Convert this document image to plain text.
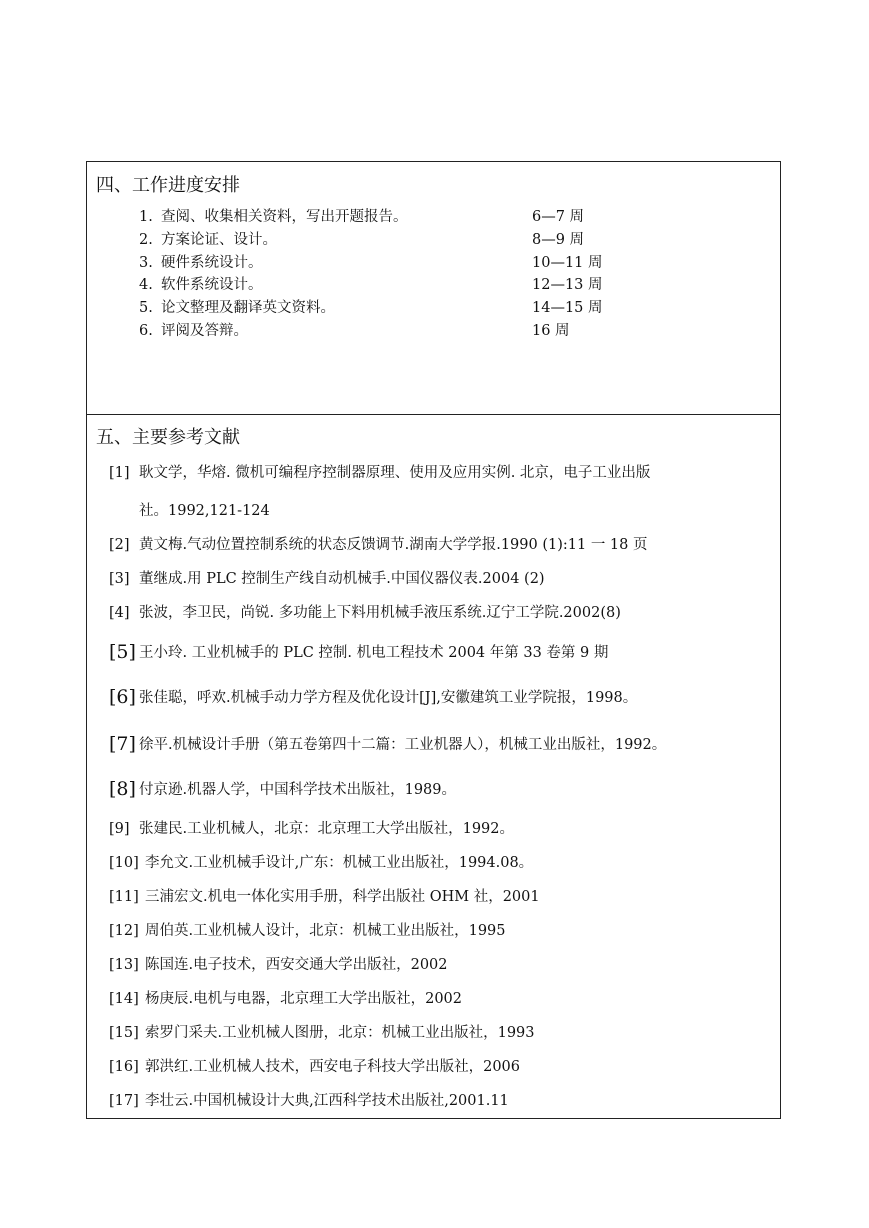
四、工作进度安排
1. 查阅、收集相关资料，写出开题报告。	6—7 周
2. 方案论证、设计。	8—9 周
3. 硬件系统设计。	10—11 周
4. 软件系统设计。	12—13 周
5. 论文整理及翻译英文资料。	14—15 周
6. 评阅及答辩。	16 周
五、主要参考文献
[1] 耿文学，华熔. 微机可编程序控制器原理、使用及应用实例. 北京，电子工业出版
社。1992,121-124
[2] 黄文梅.气动位置控制系统的状态反馈调节.湖南大学学报.1990 (1):11 一 18 页
[3] 董继成.用 PLC 控制生产线自动机械手.中国仪器仪表.2004 (2)
[4] 张波，李卫民，尚锐. 多功能上下料用机械手液压系统.辽宁工学院.2002(8)
[5] 王小玲. 工业机械手的 PLC 控制. 机电工程技术 2004 年第 33 卷第 9 期
[6] 张佳聪，呼欢.机械手动力学方程及优化设计[J],安徽建筑工业学院报，1998。
[7] 徐平.机械设计手册（第五卷第四十二篇：工业机器人），机械工业出版社，1992。
[8] 付京逊.机器人学，中国科学技术出版社，1989。
[9] 张建民.工业机械人，北京：北京理工大学出版社，1992。
[10] 李允文.工业机械手设计,广东：机械工业出版社，1994.08。
[11] 三浦宏文.机电一体化实用手册，科学出版社 OHM 社，2001
[12] 周伯英.工业机械人设计，北京：机械工业出版社，1995
[13] 陈国连.电子技术，西安交通大学出版社，2002
[14] 杨庚辰.电机与电器，北京理工大学出版社，2002
[15] 索罗门采夫.工业机械人图册，北京：机械工业出版社，1993
[16] 郭洪红.工业机械人技术，西安电子科技大学出版社，2006
[17] 李壮云.中国机械设计大典,江西科学技术出版社,2001.11
